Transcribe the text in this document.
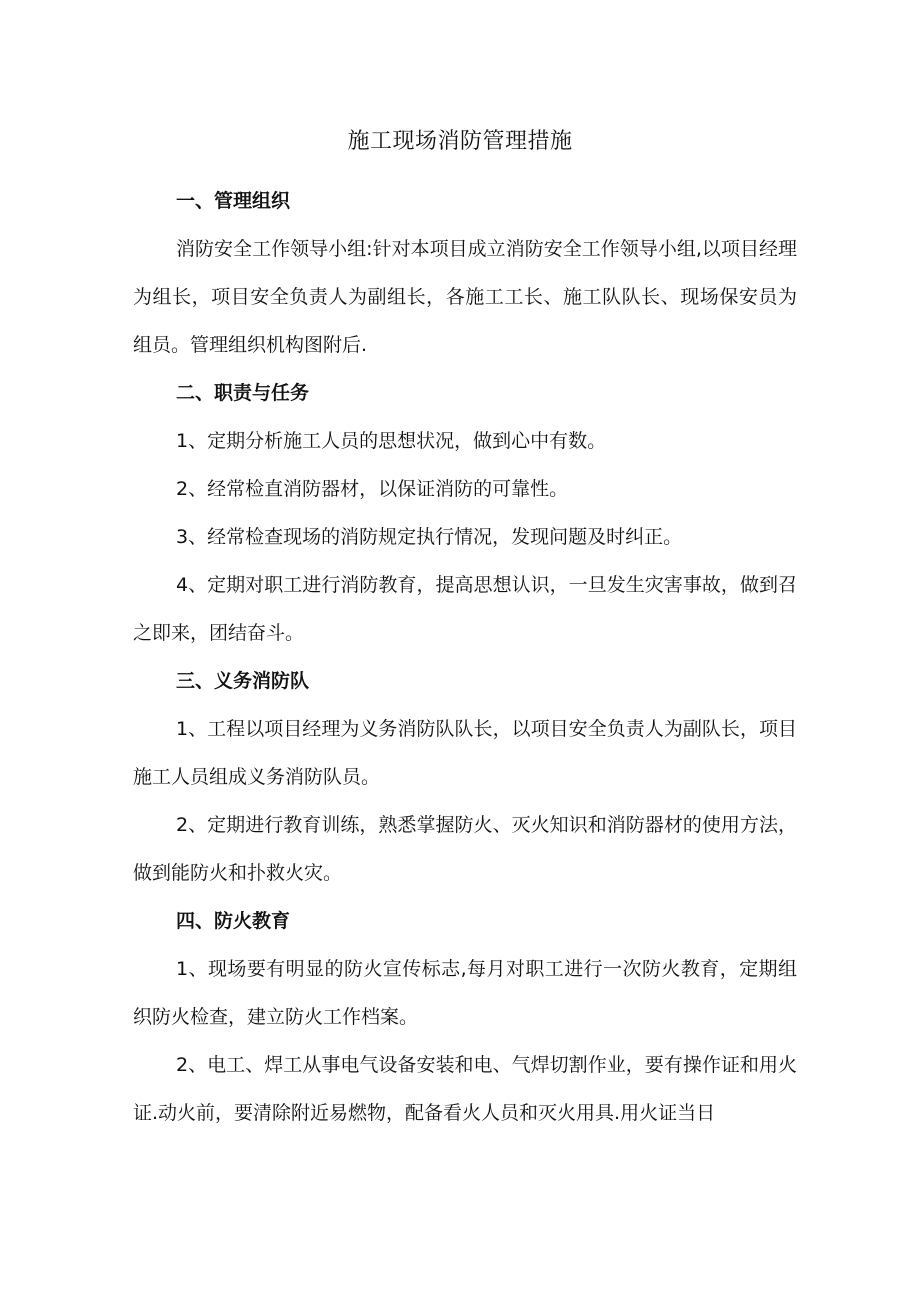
施工现场消防管理措施

一、管理组织

消防安全工作领导小组:针对本项目成立消防安全工作领导小组,以项目经理为组长，项目安全负责人为副组长，各施工工长、施工队队长、现场保安员为组员。管理组织机构图附后.

二、职责与任务

1、定期分析施工人员的思想状况，做到心中有数。

2、经常检直消防器材，以保证消防的可靠性。

3、经常检查现场的消防规定执行情况，发现问题及时纠正。

4、定期对职工进行消防教育，提高思想认识，一旦发生灾害事故，做到召之即来，团结奋斗。

三、义务消防队

1、工程以项目经理为义务消防队队长，以项目安全负责人为副队长，项目施工人员组成义务消防队员。

2、定期进行教育训练，熟悉掌握防火、灭火知识和消防器材的使用方法， 做到能防火和扑救火灾。

四、防火教育

1、现场要有明显的防火宣传标志,每月对职工进行一次防火教育，定期组织防火检查，建立防火工作档案。

2、电工、焊工从事电气设备安装和电、气焊切割作业，要有操作证和用火证.动火前，要清除附近易燃物，配备看火人员和灭火用具.用火证当日
